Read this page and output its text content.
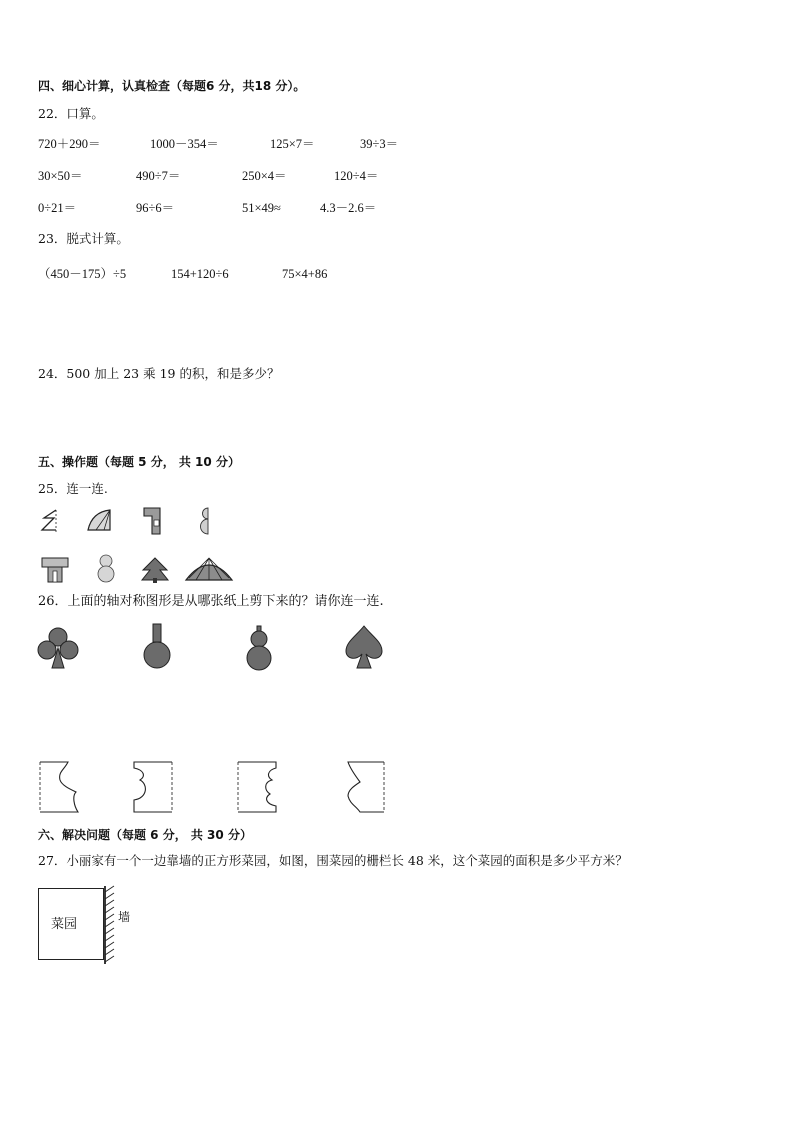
四、细心计算，认真检查（每题6 分，共18 分）。
22．口算。
720＋290＝	1000－354＝	125×7＝	39÷3＝
30×50＝	490÷7＝	250×4＝	120÷4＝
0÷21＝	96÷6＝	51×49≈	4.3－2.6＝
23．脱式计算。
（450－175）÷5	154+120÷6	75×4+86
24．500 加上 23 乘 19 的积，和是多少？
五、操作题（每题 5 分， 共 10 分）
25．连一连.
26．上面的轴对称图形是从哪张纸上剪下来的？请你连一连.
六、解决问题（每题 6 分， 共 30 分）
27．小丽家有一个一边靠墙的正方形菜园，如图，围菜园的栅栏长 48 米，这个菜园的面积是多少平方米？
菜园	墙
